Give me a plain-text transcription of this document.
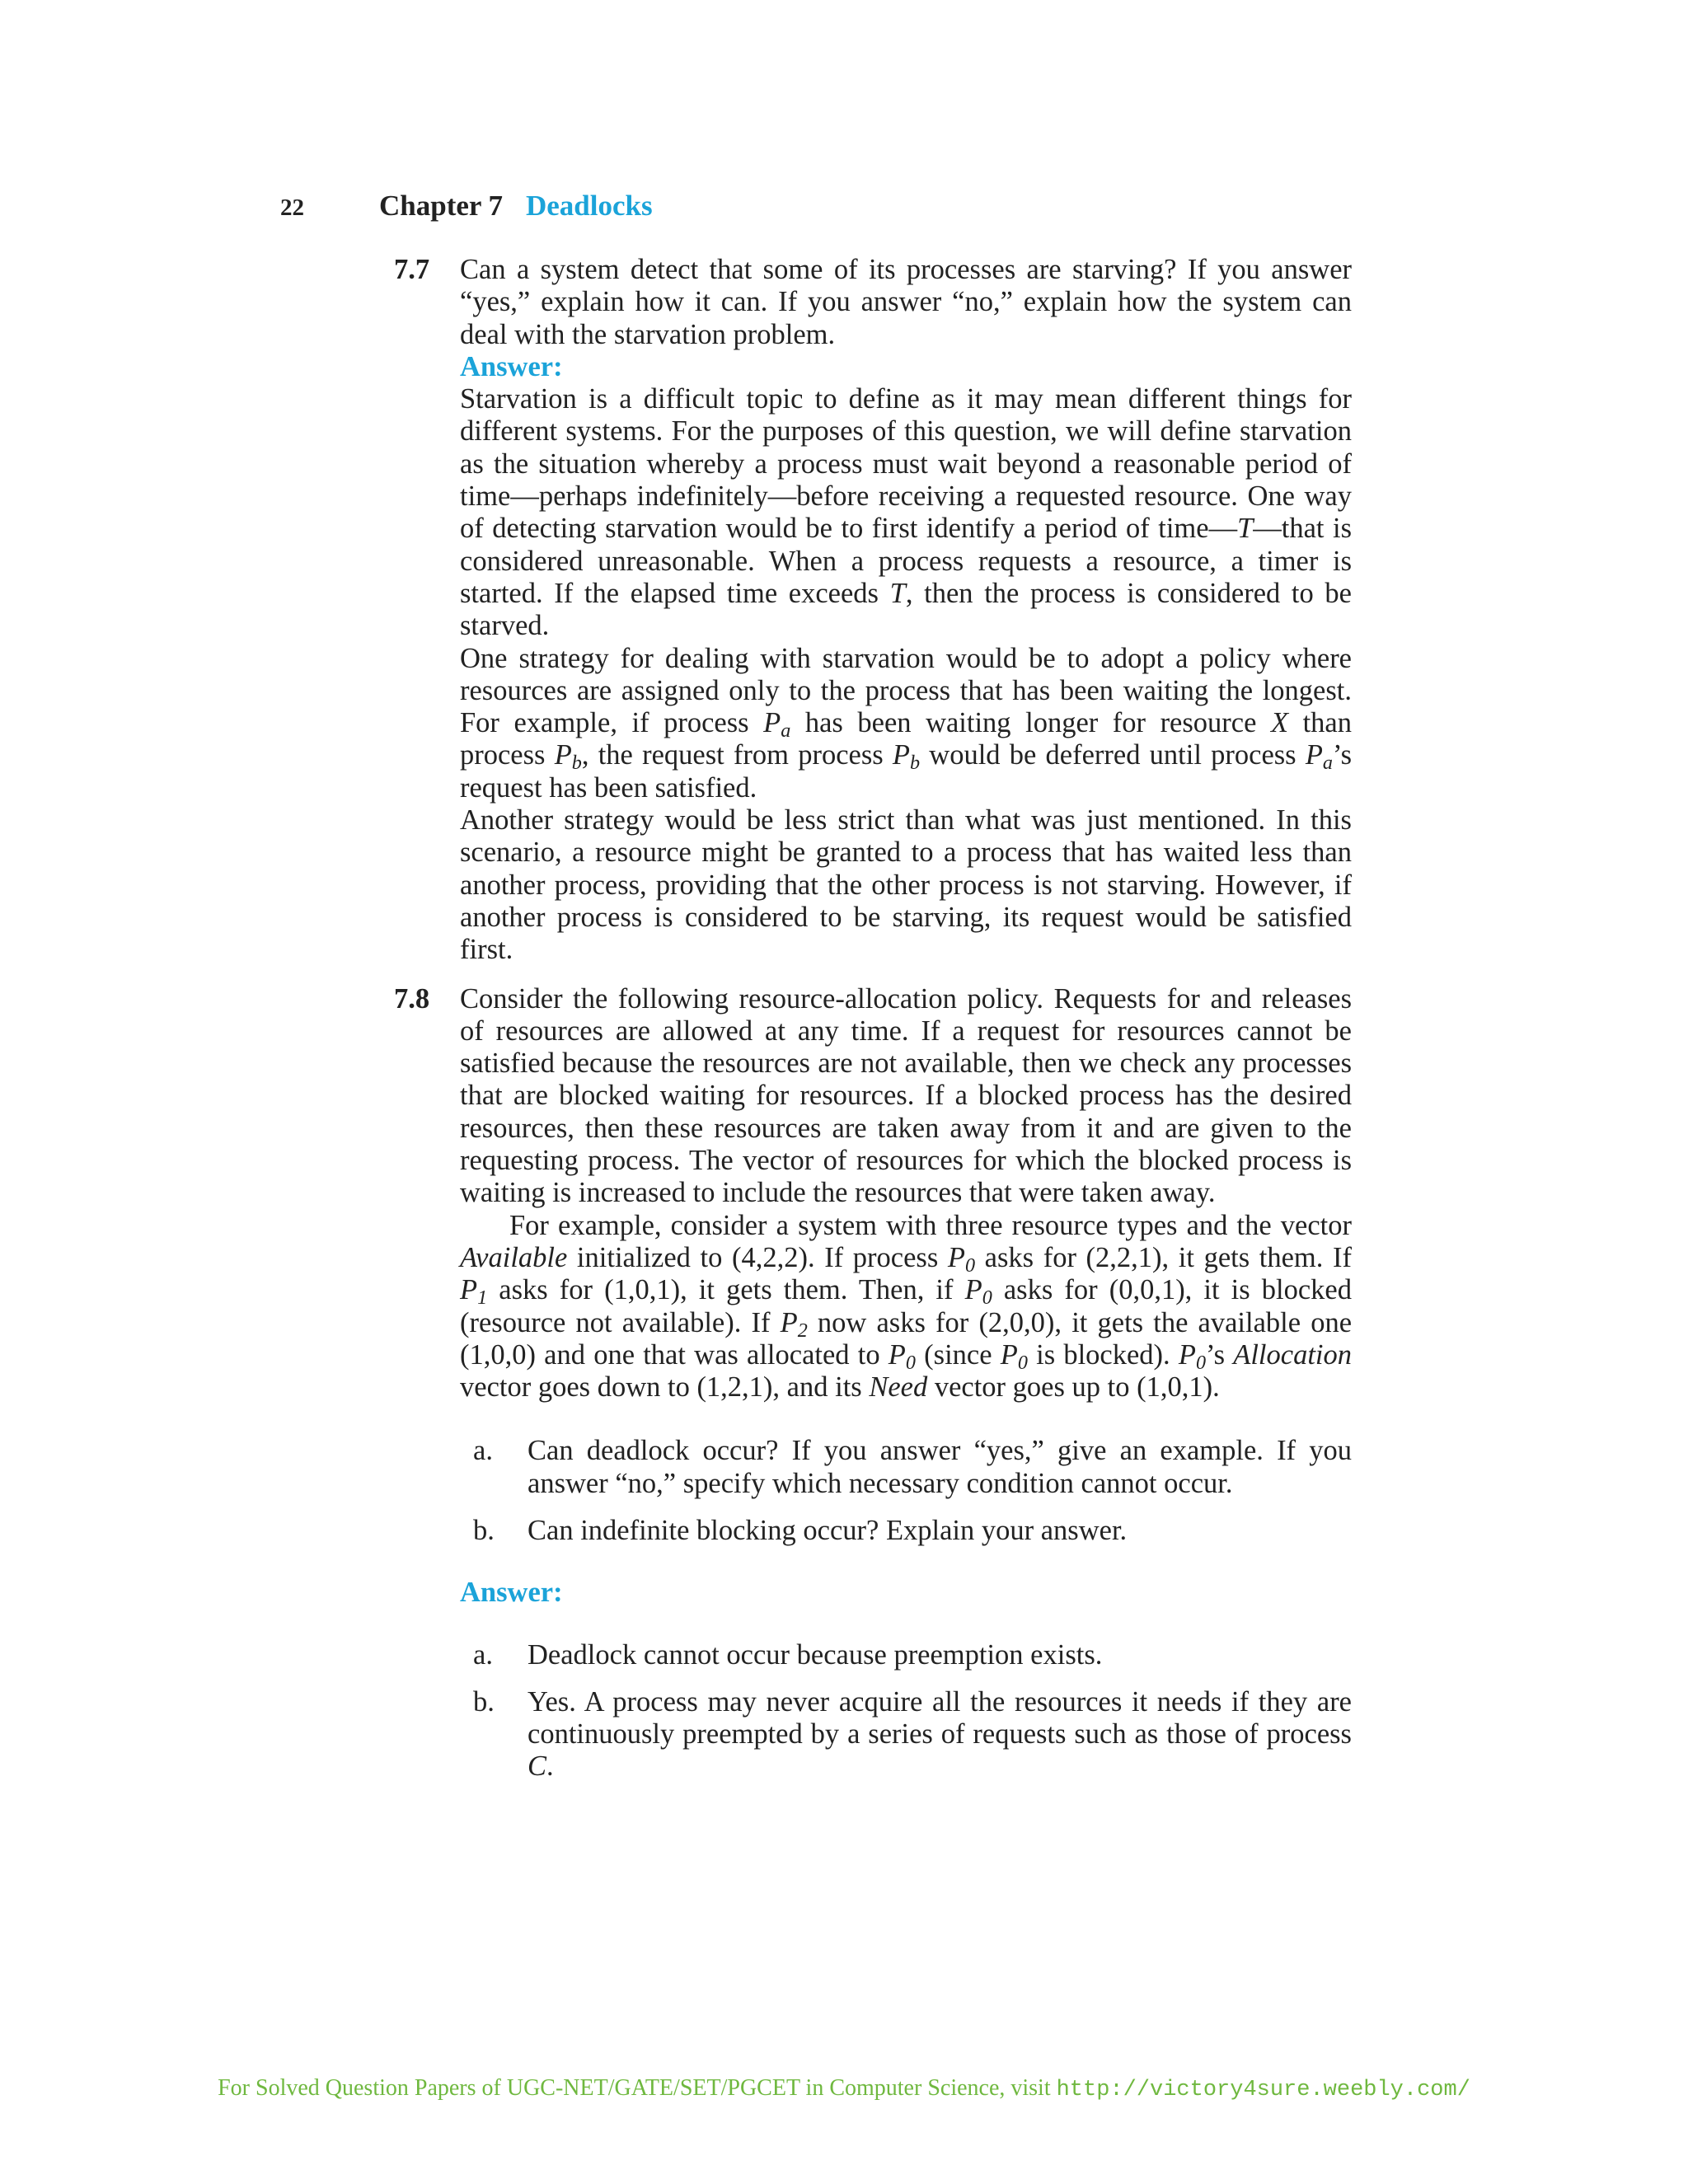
22	Chapter 7 Deadlocks
7.7 Can a system detect that some of its processes are starving? If you answer “yes,” explain how it can. If you answer “no,” explain how the system can deal with the starvation problem.

Answer:

Starvation is a difficult topic to define as it may mean different things for different systems. For the purposes of this question, we will define starvation as the situation whereby a process must wait beyond a reasonable period of time—perhaps indefinitely—before receiving a requested resource. One way of detecting starvation would be to first identify a period of time—T—that is considered unreasonable. When a process requests a resource, a timer is started. If the elapsed time exceeds T, then the process is considered to be starved.

One strategy for dealing with starvation would be to adopt a policy where resources are assigned only to the process that has been waiting the longest. For example, if process $P_a$ has been waiting longer for resource X than process $P_b$, the request from process $P_b$ would be deferred until process $P_a’s$ request has been satisfied.

Another strategy would be less strict than what was just mentioned. In this scenario, a resource might be granted to a process that has waited less than another process, providing that the other process is not starving. However, if another process is considered to be starving, its request would be satisfied first.

7.8 Consider the following resource-allocation policy. Requests for and releases of resources are allowed at any time. If a request for resources cannot be satisfied because the resources are not available, then we check any processes that are blocked waiting for resources. If a blocked process has the desired resources, then these resources are taken away from it and are given to the requesting process. The vector of resources for which the blocked process is waiting is increased to include the resources that were taken away.

For example, consider a system with three resource types and the vector Available initialized to (4,2,2). If process $P_0$ asks for (2,2,1), it gets them. If $P_1$ asks for (1,0,1), it gets them. Then, if $P_0$ asks for (0,0,1), it is blocked (resource not available). If $P_2$ now asks for (2,0,0), it gets the available one (1,0,0) and one that was allocated to $P_0$ (since $P_0$ is blocked). $P_0’s$ Allocation vector goes down to (1,2,1), and its Need vector goes up to (1,0,1).

a. Can deadlock occur? If you answer “yes,” give an example. If you answer “no,” specify which necessary condition cannot occur.

b. Can indefinite blocking occur? Explain your answer.

Answer:
a. Deadlock cannot occur because preemption exists.

b. Yes. A process may never acquire all the resources it needs if they are continuously preempted by a series of requests such as those of process C.

For Solved Question Papers of UGC-NET/GATE/SET/PGCET in Computer Science, visit http://victory4sure.weebly.com/
